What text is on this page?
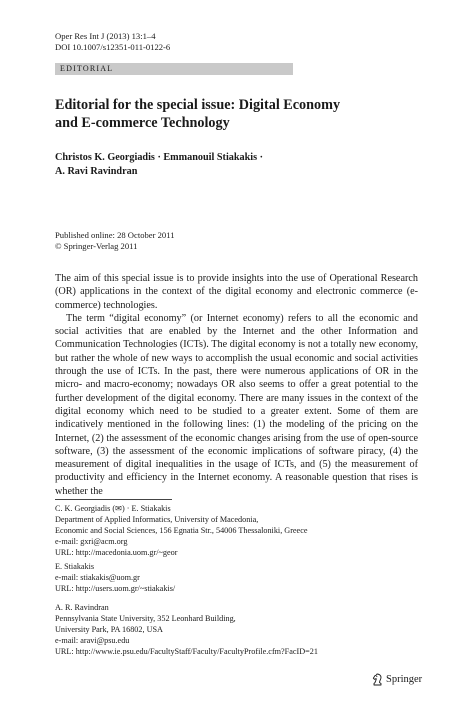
Oper Res Int J (2013) 13:1–4
DOI 10.1007/s12351-011-0122-6
EDITORIAL
Editorial for the special issue: Digital Economy
and E-commerce Technology
Christos K. Georgiadis · Emmanouil Stiakakis ·
A. Ravi Ravindran
Published online: 28 October 2011
© Springer-Verlag 2011

The aim of this special issue is to provide insights into the use of Operational Research (OR) applications in the context of the digital economy and electronic commerce (e-commerce) technologies.

The term “digital economy” (or Internet economy) refers to all the economic and social activities that are enabled by the Internet and the other Information and Communication Technologies (ICTs). The digital economy is not a totally new economy, but rather the whole of new ways to accomplish the usual economic and social activities through the use of ICTs. In the past, there were numerous applications of OR in the micro- and macro-economy; nowadays OR also seems to offer a great potential to the further development of the digital economy. There are many issues in the context of the digital economy which need to be studied to a greater extent. Some of them are indicatively mentioned in the following lines: (1) the modeling of the pricing on the Internet, (2) the assessment of the economic changes arising from the use of open-source software, (3) the assessment of the economic implications of software piracy, (4) the measurement of digital inequalities in the usage of ICTs, and (5) the measurement of productivity and efficiency in the Internet economy. A reasonable question that rises is whether the

C. K. Georgiadis (✉) · E. Stiakakis
Department of Applied Informatics, University of Macedonia,
Economic and Social Sciences, 156 Egnatia Str., 54006 Thessaloniki, Greece
e-mail: gxri@acm.org
URL: http://macedonia.uom.gr/~geor
E. Stiakakis
e-mail: stiakakis@uom.gr
URL: http://users.uom.gr/~stiakakis/
A. R. Ravindran
Pennsylvania State University, 352 Leonhard Building,
University Park, PA 16802, USA
e-mail: aravi@psu.edu
URL: http://www.ie.psu.edu/FacultyStaff/Faculty/FacultyProfile.cfm?FacID=21
Springer
